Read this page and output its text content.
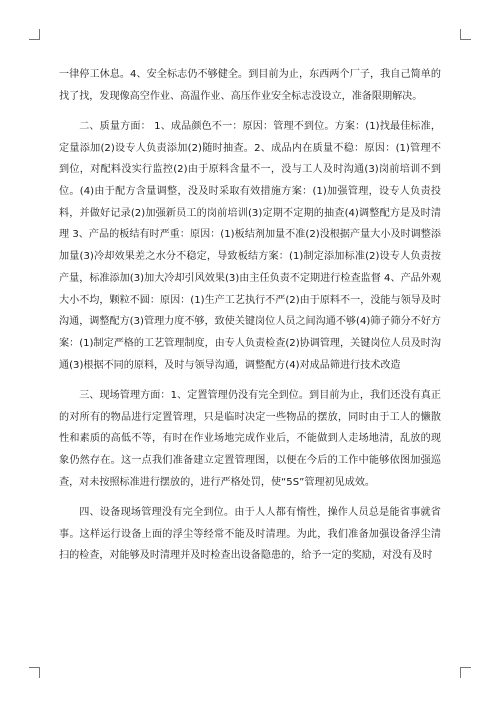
一律停工休息。4、安全标志仍不够健全。到目前为止，东西两个厂子，我自己简单的找了找，发现像高空作业、高温作业、高压作业安全标志没设立，准备限期解决。

二、质量方面： 1、成品颜色不一：原因：管理不到位。方案：(1)找最佳标准，定量添加(2)设专人负责添加(2)随时抽查。2、成品内在质量不稳：原因：(1)管理不到位，对配料没实行监控(2)由于原料含量不一，没与工人及时沟通(3)岗前培训不到位。(4)由于配方含量调整，没及时采取有效措施方案：(1)加强管理，设专人负责投料，并做好记录(2)加强新员工的岗前培训(3)定期不定期的抽查(4)调整配方是及时清理 3、产品的板结有时严重：原因：(1)板结剂加量不准(2)没根据产量大小及时调整添加量(3)冷却效果差之水分不稳定，导致板结方案：(1)制定添加标准(2)设专人负责按产量，标准添加(3)加大冷却引风效果(3)由主任负责不定期进行检查监督 4、产品外观大小不均，颗粒不圆：原因：(1)生产工艺执行不严(2)由于原料不一，没能与领导及时沟通，调整配方(3)管理力度不够，致使关键岗位人员之间沟通不够(4)筛子筛分不好方案：(1)制定严格的工艺管理制度，由专人负责检查(2)协调管理，关键岗位人员及时沟通(3)根据不同的原料，及时与领导沟通，调整配方(4)对成品筛进行技术改造

三、现场管理方面：1、定置管理仍没有完全到位。到目前为止，我们还没有真正的对所有的物品进行定置管理，只是临时决定一些物品的摆放，同时由于工人的懒散性和素质的高低不等，有时在作业场地完成作业后，不能做到人走场地清，乱放的现象仍然存在。这一点我们准备建立定置管理图，以便在今后的工作中能够依图加强巡查，对未按照标准进行摆放的，进行严格处罚，使“5S”管理初见成效。

四、设备现场管理没有完全到位。由于人人都有惰性，操作人员总是能省事就省事。这样运行设备上面的浮尘等经常不能及时清理。为此，我们准备加强设备浮尘清扫的检查，对能够及时清理并及时检查出设备隐患的，给予一定的奖励，对没有及时
